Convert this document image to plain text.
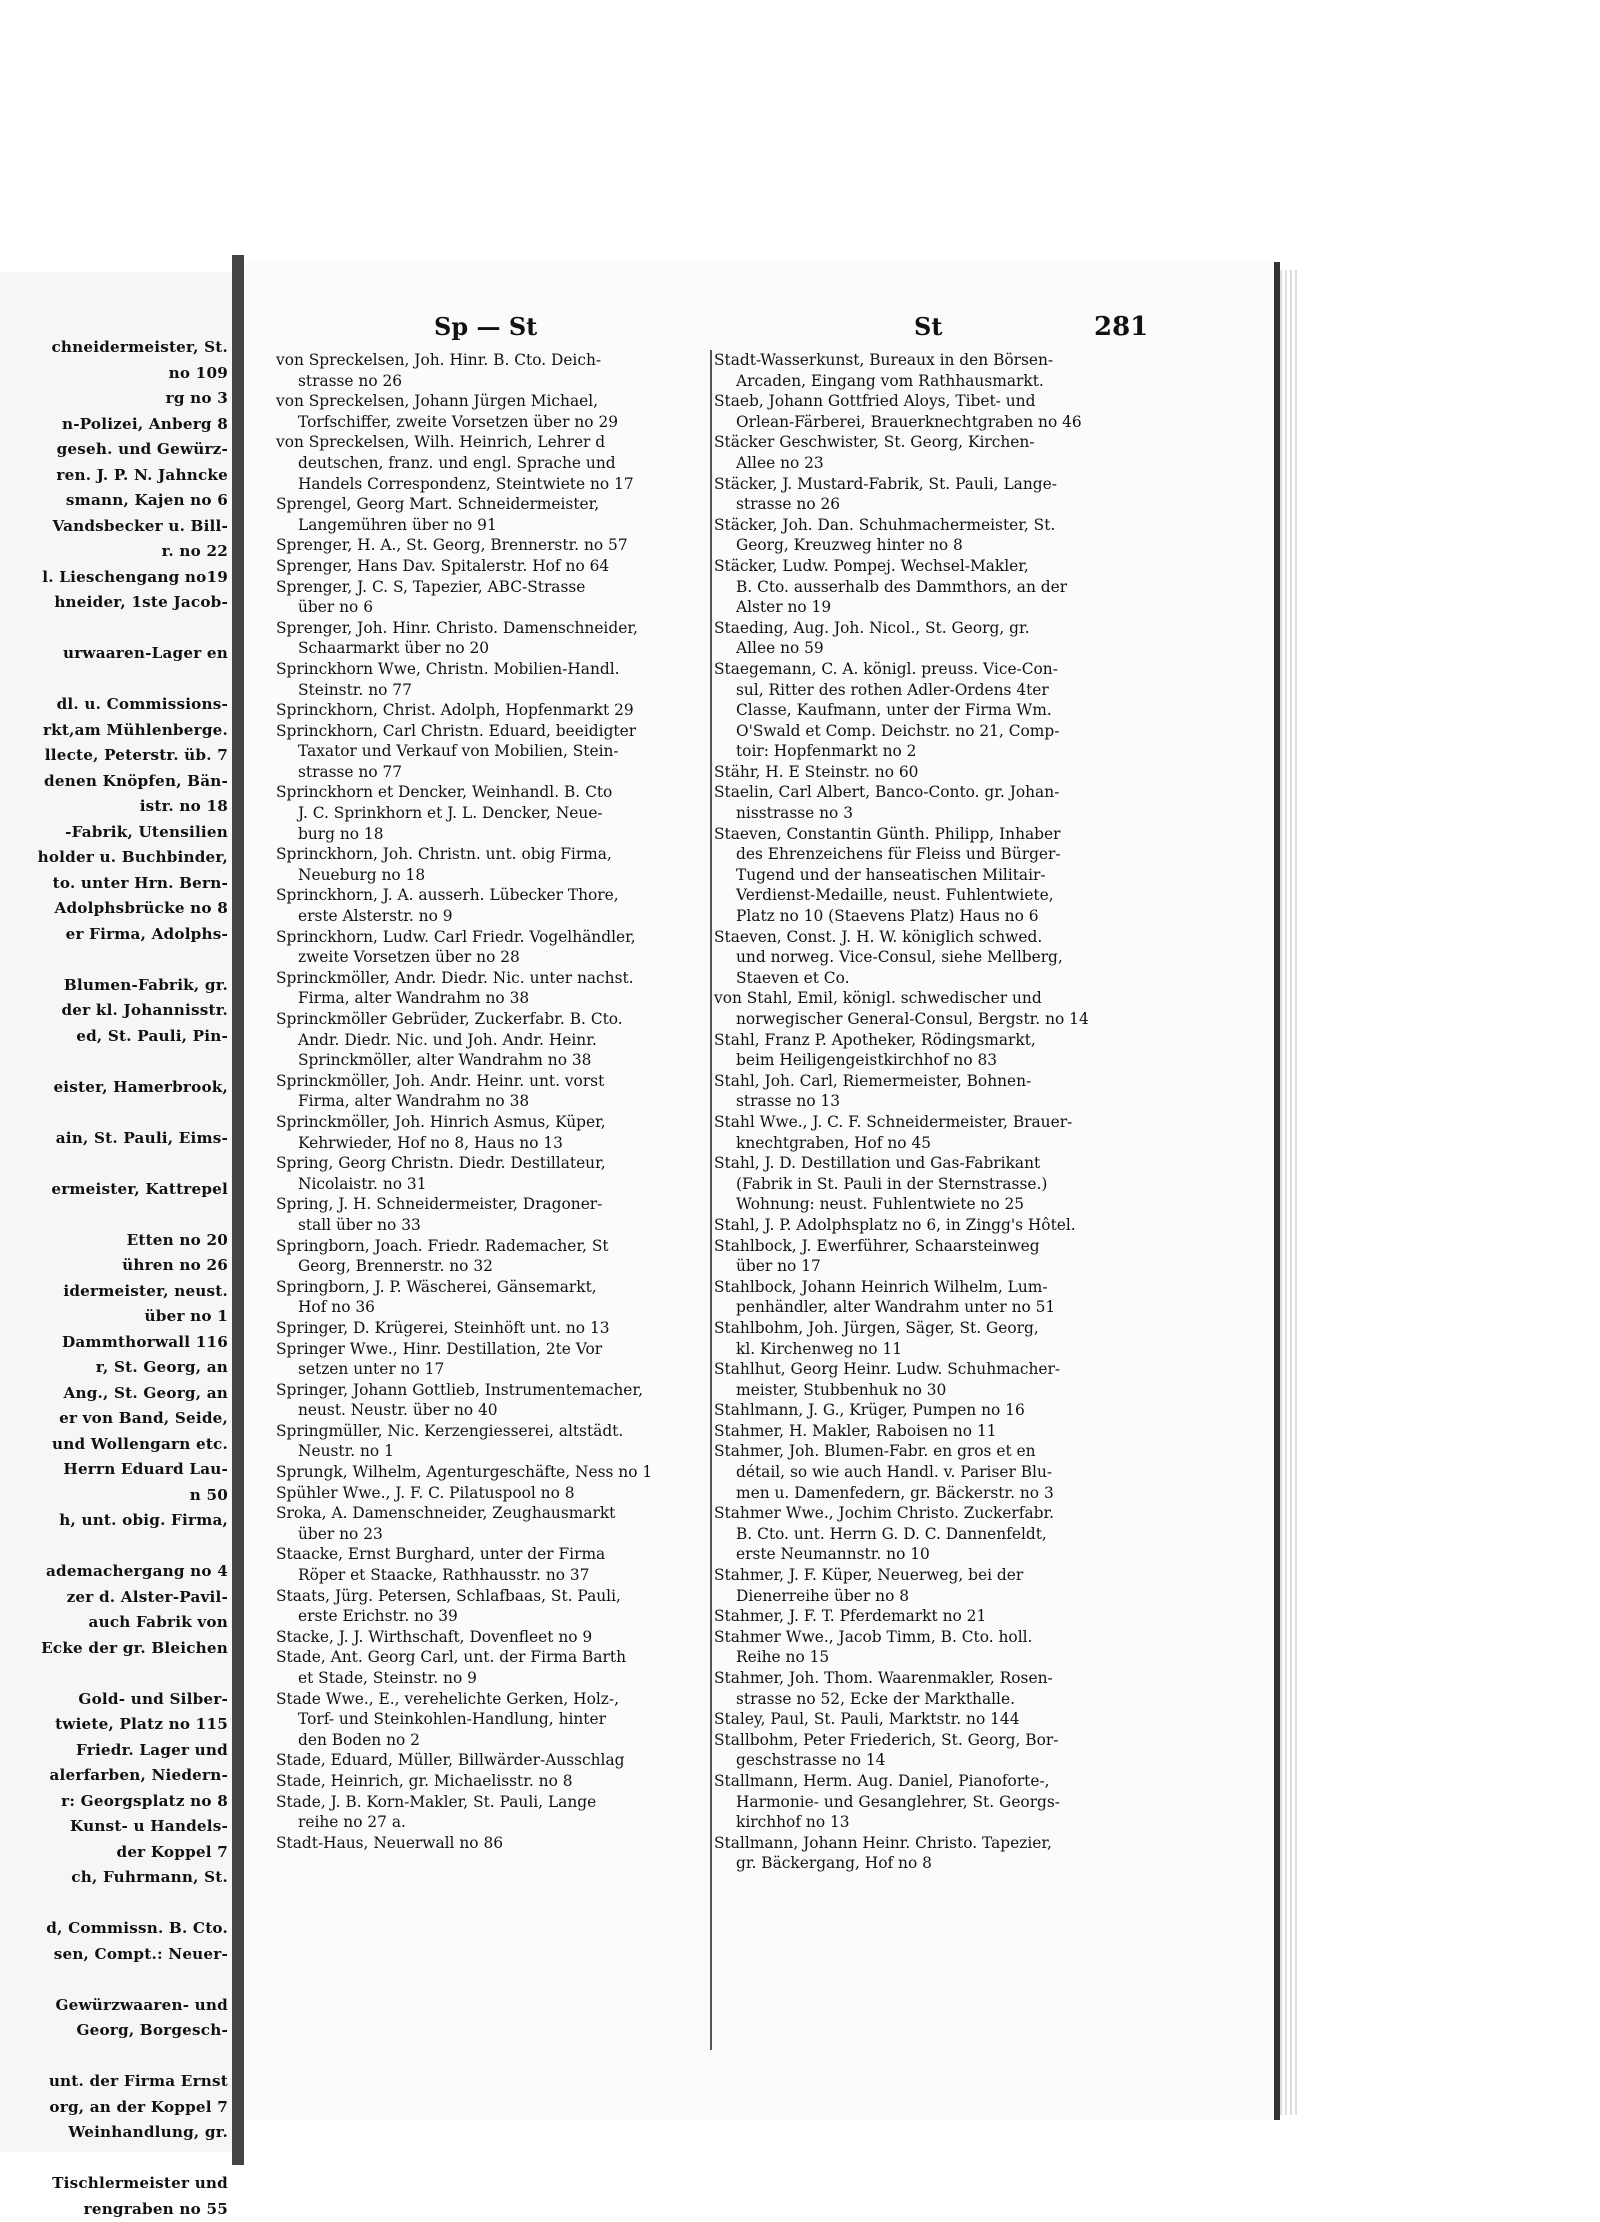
chneidermeister, St.
no 109
rg no 3
n-Polizei, Anberg 8
geseh. und Gewürz-
ren. J. P. N. Jahncke
smann, Kajen no 6
Vandsbecker u. Bill-
r. no 22
l. Lieschengang no19
hneider, 1ste Jacob-

urwaaren-Lager en

dl. u. Commissions-
rkt,am Mühlenberge.
llecte, Peterstr. üb. 7
denen Knöpfen, Bän-
istr. no 18
-Fabrik, Utensilien
holder u. Buchbinder,
to. unter Hrn. Bern-
Adolphsbrücke no 8
er Firma, Adolphs-

Blumen-Fabrik, gr.
der kl. Johannisstr.
ed, St. Pauli, Pin-

eister, Hamerbrook,

ain, St. Pauli, Eims-

ermeister, Kattrepel

Etten no 20
ühren no 26
idermeister, neust.
über no 1
Dammthorwall 116
r, St. Georg, an
Ang., St. Georg, an
er von Band, Seide,
und Wollengarn etc.
Herrn Eduard Lau-
n 50
h, unt. obig. Firma,

ademachergang no 4
zer d. Alster-Pavil-
auch Fabrik von
Ecke der gr. Bleichen

Gold- und Silber-
twiete, Platz no 115
Friedr. Lager und
alerfarben, Niedern-
r: Georgsplatz no 8
Kunst- u Handels-
der Koppel 7
ch, Fuhrmann, St.

d, Commissn. B. Cto.
sen, Compt.: Neuer-

Gewürzwaaren- und
Georg, Borgesch-

unt. der Firma Ernst
org, an der Koppel 7
Weinhandlung, gr.

Tischlermeister und
rengraben no 55
Sp — St	St	281
von Spreckelsen, Joh. Hinr. B. Cto. Deich-
strasse no 26
von Spreckelsen, Johann Jürgen Michael,
Torfschiffer, zweite Vorsetzen über no 29
von Spreckelsen, Wilh. Heinrich, Lehrer d
deutschen, franz. und engl. Sprache und
Handels Correspondenz, Steintwiete no 17
Sprengel, Georg Mart. Schneidermeister,
Langemühren über no 91
Sprenger, H. A., St. Georg, Brennerstr. no 57
Sprenger, Hans Dav. Spitalerstr. Hof no 64
Sprenger, J. C. S, Tapezier, ABC-Strasse
über no 6
Sprenger, Joh. Hinr. Christo. Damenschneider,
Schaarmarkt über no 20
Sprinckhorn Wwe, Christn. Mobilien-Handl.
Steinstr. no 77
Sprinckhorn, Christ. Adolph, Hopfenmarkt 29
Sprinckhorn, Carl Christn. Eduard, beeidigter
Taxator und Verkauf von Mobilien, Stein-
strasse no 77
Sprinckhorn et Dencker, Weinhandl. B. Cto
J. C. Sprinkhorn et J. L. Dencker, Neue-
burg no 18
Sprinckhorn, Joh. Christn. unt. obig Firma,
Neueburg no 18
Sprinckhorn, J. A. ausserh. Lübecker Thore,
erste Alsterstr. no 9
Sprinckhorn, Ludw. Carl Friedr. Vogelhändler,
zweite Vorsetzen über no 28
Sprinckmöller, Andr. Diedr. Nic. unter nachst.
Firma, alter Wandrahm no 38
Sprinckmöller Gebrüder, Zuckerfabr. B. Cto.
Andr. Diedr. Nic. und Joh. Andr. Heinr.
Sprinckmöller, alter Wandrahm no 38
Sprinckmöller, Joh. Andr. Heinr. unt. vorst
Firma, alter Wandrahm no 38
Sprinckmöller, Joh. Hinrich Asmus, Küper,
Kehrwieder, Hof no 8, Haus no 13
Spring, Georg Christn. Diedr. Destillateur,
Nicolaistr. no 31
Spring, J. H. Schneidermeister, Dragoner-
stall über no 33
Springborn, Joach. Friedr. Rademacher, St
Georg, Brennerstr. no 32
Springborn, J. P. Wäscherei, Gänsemarkt,
Hof no 36
Springer, D. Krügerei, Steinhöft unt. no 13
Springer Wwe., Hinr. Destillation, 2te Vor
setzen unter no 17
Springer, Johann Gottlieb, Instrumentemacher,
neust. Neustr. über no 40
Springmüller, Nic. Kerzengiesserei, altstädt.
Neustr. no 1
Sprungk, Wilhelm, Agenturgeschäfte, Ness no 1
Spühler Wwe., J. F. C. Pilatuspool no 8
Sroka, A. Damenschneider, Zeughausmarkt
über no 23
Staacke, Ernst Burghard, unter der Firma
Röper et Staacke, Rathhausstr. no 37
Staats, Jürg. Petersen, Schlafbaas, St. Pauli,
erste Erichstr. no 39
Stacke, J. J. Wirthschaft, Dovenfleet no 9
Stade, Ant. Georg Carl, unt. der Firma Barth
et Stade, Steinstr. no 9
Stade Wwe., E., verehelichte Gerken, Holz-,
Torf- und Steinkohlen-Handlung, hinter
den Boden no 2
Stade, Eduard, Müller, Billwärder-Ausschlag
Stade, Heinrich, gr. Michaelisstr. no 8
Stade, J. B. Korn-Makler, St. Pauli, Lange
reihe no 27 a.
Stadt-Haus, Neuerwall no 86
Stadt-Wasserkunst, Bureaux in den Börsen-
Arcaden, Eingang vom Rathhausmarkt.
Staeb, Johann Gottfried Aloys, Tibet- und
Orlean-Färberei, Brauerknechtgraben no 46
Stäcker Geschwister, St. Georg, Kirchen-
Allee no 23
Stäcker, J. Mustard-Fabrik, St. Pauli, Lange-
strasse no 26
Stäcker, Joh. Dan. Schuhmachermeister, St.
Georg, Kreuzweg hinter no 8
Stäcker, Ludw. Pompej. Wechsel-Makler,
B. Cto. ausserhalb des Dammthors, an der
Alster no 19
Staeding, Aug. Joh. Nicol., St. Georg, gr.
Allee no 59
Staegemann, C. A. königl. preuss. Vice-Con-
sul, Ritter des rothen Adler-Ordens 4ter
Classe, Kaufmann, unter der Firma Wm.
O'Swald et Comp. Deichstr. no 21, Comp-
toir: Hopfenmarkt no 2
Stähr, H. E Steinstr. no 60
Staelin, Carl Albert, Banco-Conto. gr. Johan-
nisstrasse no 3
Staeven, Constantin Günth. Philipp, Inhaber
des Ehrenzeichens für Fleiss und Bürger-
Tugend und der hanseatischen Militair-
Verdienst-Medaille, neust. Fuhlentwiete,
Platz no 10 (Staevens Platz) Haus no 6
Staeven, Const. J. H. W. königlich schwed.
und norweg. Vice-Consul, siehe Mellberg,
Staeven et Co.
von Stahl, Emil, königl. schwedischer und
norwegischer General-Consul, Bergstr. no 14
Stahl, Franz P. Apotheker, Rödingsmarkt,
beim Heiligengeistkirchhof no 83
Stahl, Joh. Carl, Riemermeister, Bohnen-
strasse no 13
Stahl Wwe., J. C. F. Schneidermeister, Brauer-
knechtgraben, Hof no 45
Stahl, J. D. Destillation und Gas-Fabrikant
(Fabrik in St. Pauli in der Sternstrasse.)
Wohnung: neust. Fuhlentwiete no 25
Stahl, J. P. Adolphsplatz no 6, in Zingg's Hôtel.
Stahlbock, J. Ewerführer, Schaarsteinweg
über no 17
Stahlbock, Johann Heinrich Wilhelm, Lum-
penhändler, alter Wandrahm unter no 51
Stahlbohm, Joh. Jürgen, Säger, St. Georg,
kl. Kirchenweg no 11
Stahlhut, Georg Heinr. Ludw. Schuhmacher-
meister, Stubbenhuk no 30
Stahlmann, J. G., Krüger, Pumpen no 16
Stahmer, H. Makler, Raboisen no 11
Stahmer, Joh. Blumen-Fabr. en gros et en
détail, so wie auch Handl. v. Pariser Blu-
men u. Damenfedern, gr. Bäckerstr. no 3
Stahmer Wwe., Jochim Christo. Zuckerfabr.
B. Cto. unt. Herrn G. D. C. Dannenfeldt,
erste Neumannstr. no 10
Stahmer, J. F. Küper, Neuerweg, bei der
Dienerreihe über no 8
Stahmer, J. F. T. Pferdemarkt no 21
Stahmer Wwe., Jacob Timm, B. Cto. holl.
Reihe no 15
Stahmer, Joh. Thom. Waarenmakler, Rosen-
strasse no 52, Ecke der Markthalle.
Staley, Paul, St. Pauli, Marktstr. no 144
Stallbohm, Peter Friederich, St. Georg, Bor-
geschstrasse no 14
Stallmann, Herm. Aug. Daniel, Pianoforte-,
Harmonie- und Gesanglehrer, St. Georgs-
kirchhof no 13
Stallmann, Johann Heinr. Christo. Tapezier,
gr. Bäckergang, Hof no 8
